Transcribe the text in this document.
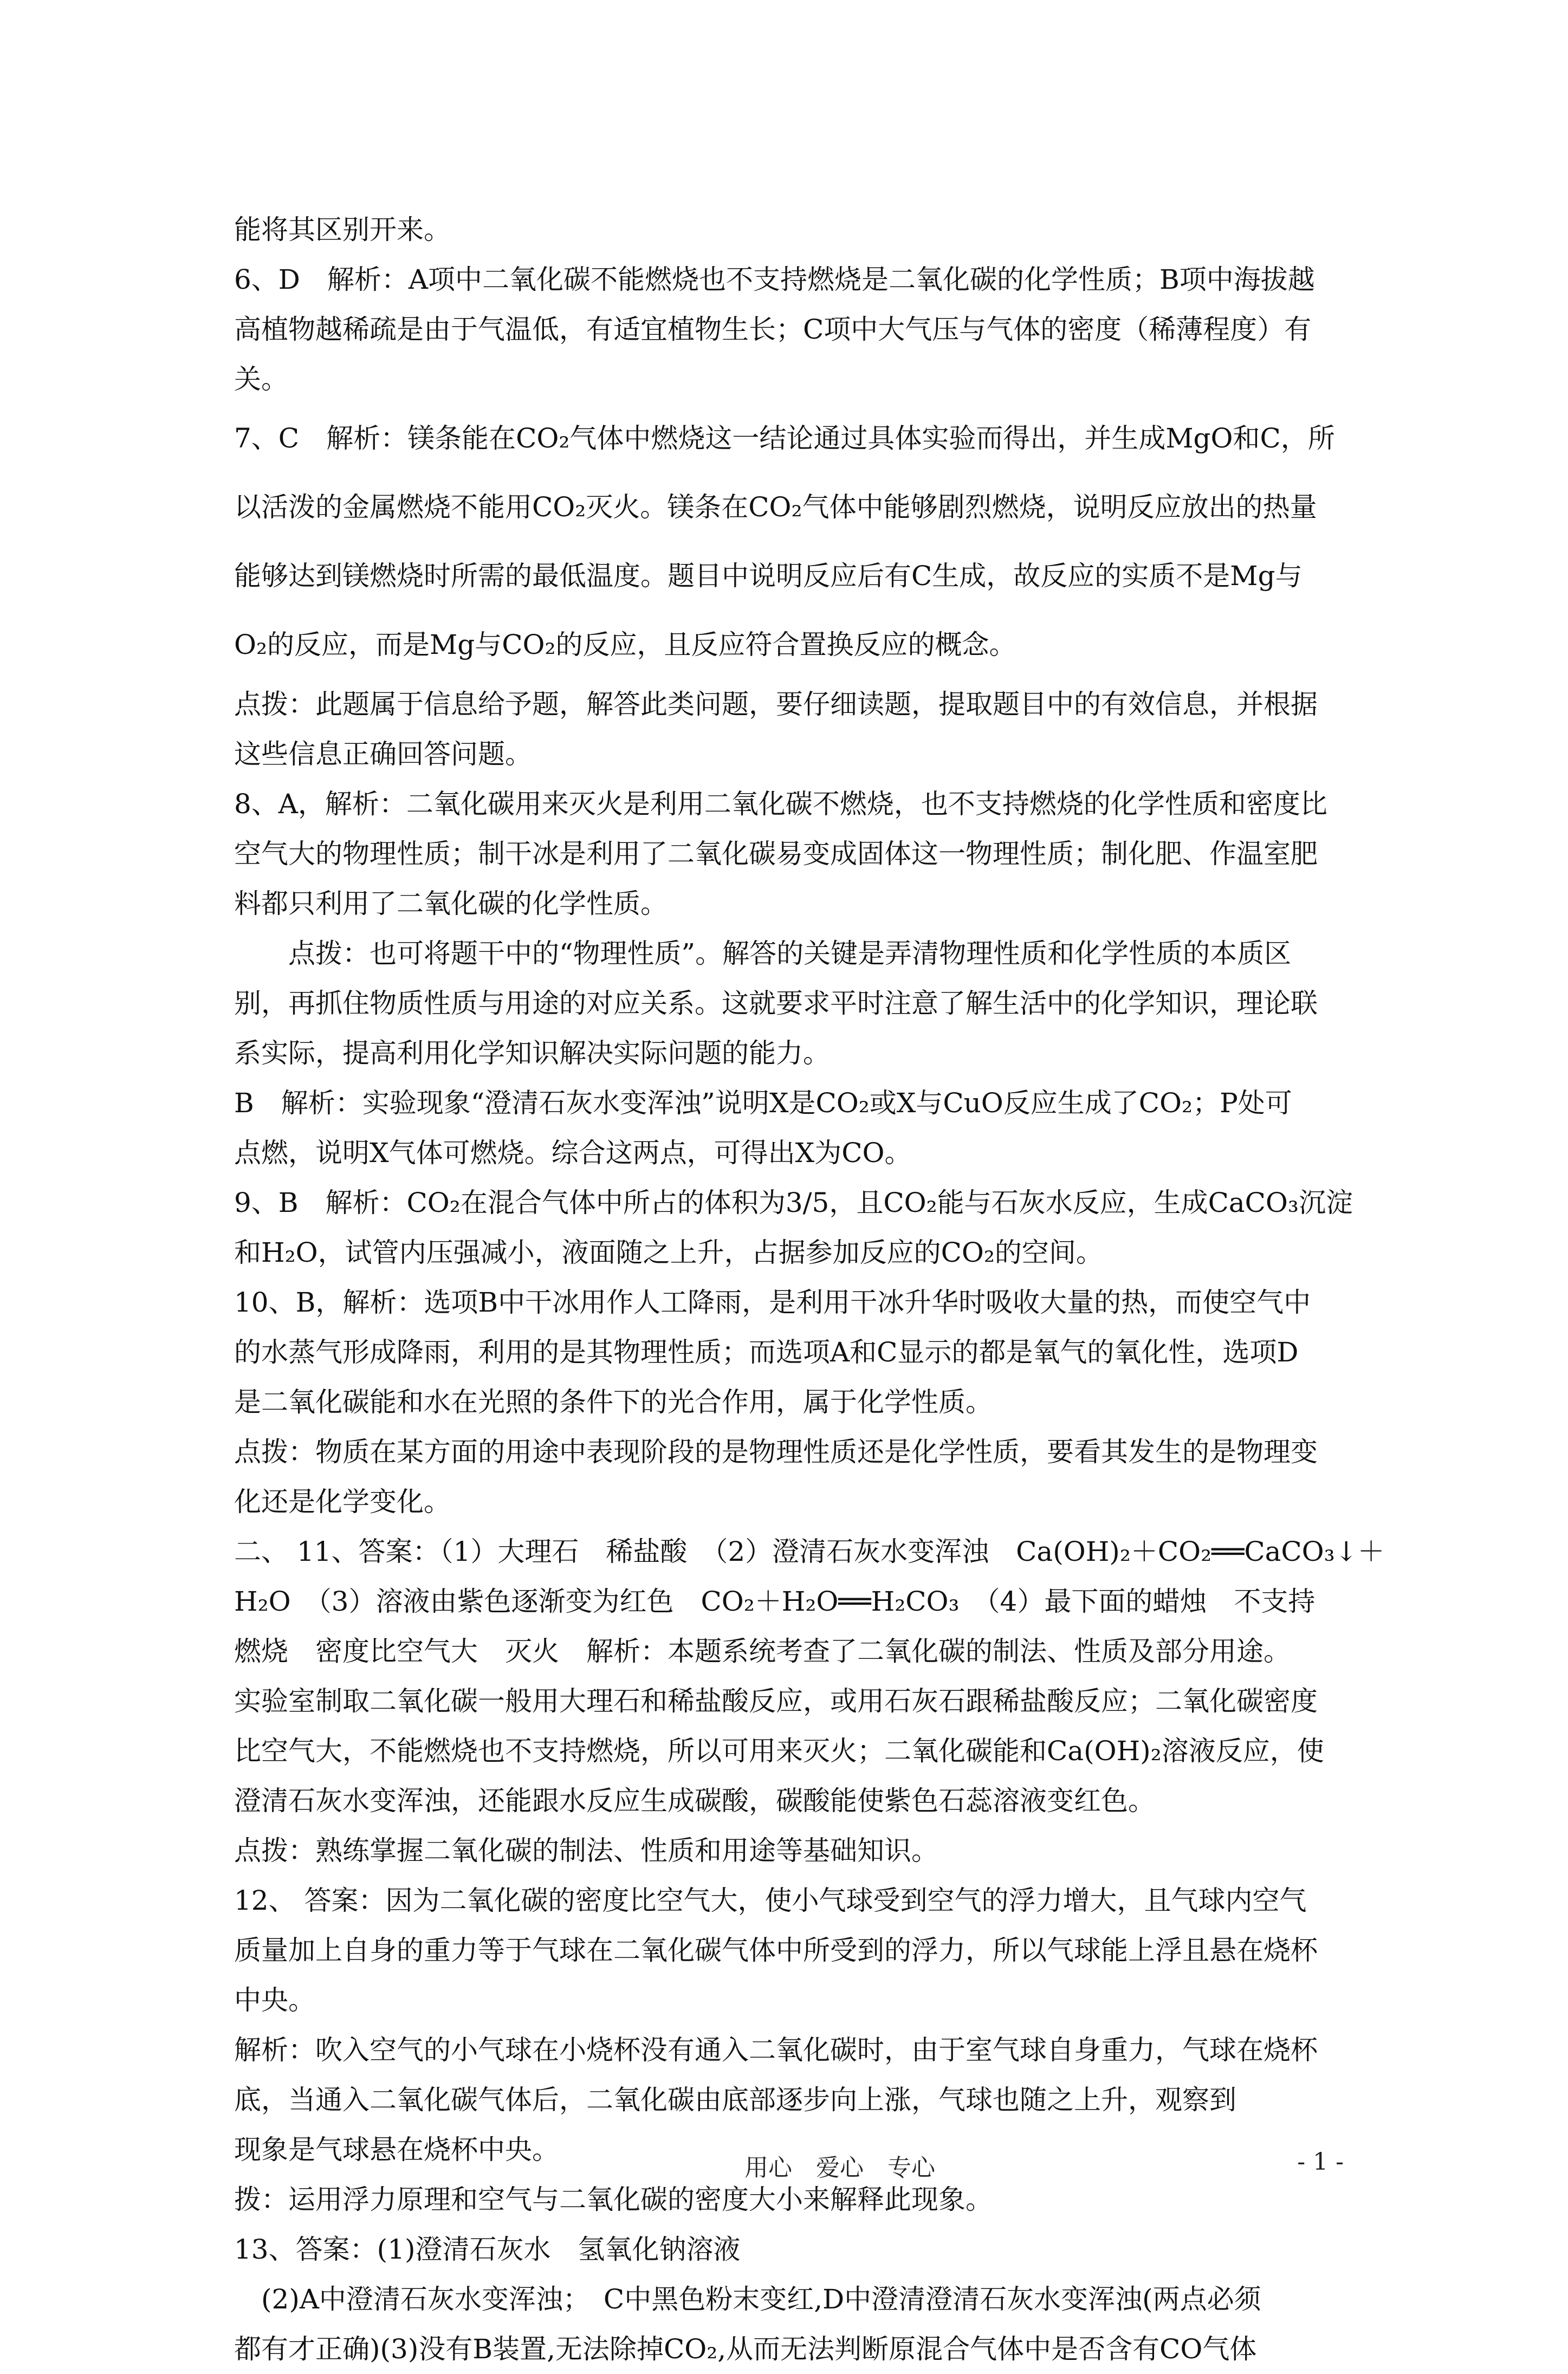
能将其区别开来。
6、D　解析：A项中二氧化碳不能燃烧也不支持燃烧是二氧化碳的化学性质；B项中海拔越
高植物越稀疏是由于气温低，有适宜植物生长；C项中大气压与气体的密度（稀薄程度）有
关。
7、C　解析：镁条能在CO₂气体中燃烧这一结论通过具体实验而得出，并生成MgO和C，所
以活泼的金属燃烧不能用CO₂灭火。镁条在CO₂气体中能够剧烈燃烧，说明反应放出的热量
能够达到镁燃烧时所需的最低温度。题目中说明反应后有C生成，故反应的实质不是Mg与
O₂的反应，而是Mg与CO₂的反应，且反应符合置换反应的概念。
点拨：此题属于信息给予题，解答此类问题，要仔细读题，提取题目中的有效信息，并根据
这些信息正确回答问题。
8、A，解析：二氧化碳用来灭火是利用二氧化碳不燃烧，也不支持燃烧的化学性质和密度比
空气大的物理性质；制干冰是利用了二氧化碳易变成固体这一物理性质；制化肥、作温室肥
料都只利用了二氧化碳的化学性质。
　　点拨：也可将题干中的“物理性质”。解答的关键是弄清物理性质和化学性质的本质区
别，再抓住物质性质与用途的对应关系。这就要求平时注意了解生活中的化学知识，理论联
系实际，提高利用化学知识解决实际问题的能力。
B　解析：实验现象“澄清石灰水变浑浊”说明X是CO₂或X与CuO反应生成了CO₂；P处可
点燃，说明X气体可燃烧。综合这两点，可得出X为CO。
9、B　解析：CO₂在混合气体中所占的体积为3/5，且CO₂能与石灰水反应，生成CaCO₃沉淀
和H₂O，试管内压强减小，液面随之上升，占据参加反应的CO₂的空间。
10、B，解析：选项B中干冰用作人工降雨，是利用干冰升华时吸收大量的热，而使空气中
的水蒸气形成降雨，利用的是其物理性质；而选项A和C显示的都是氧气的氧化性，选项D
是二氧化碳能和水在光照的条件下的光合作用，属于化学性质。
点拨：物质在某方面的用途中表现阶段的是物理性质还是化学性质，要看其发生的是物理变
化还是化学变化。
二、 11、答案：（1）大理石　稀盐酸　（2）澄清石灰水变浑浊　Ca(OH)₂＋CO₂══CaCO₃↓＋
H₂O　（3）溶液由紫色逐渐变为红色　CO₂＋H₂O══H₂CO₃　（4）最下面的蜡烛　不支持
燃烧　密度比空气大　灭火　解析：本题系统考查了二氧化碳的制法、性质及部分用途。
实验室制取二氧化碳一般用大理石和稀盐酸反应，或用石灰石跟稀盐酸反应；二氧化碳密度
比空气大，不能燃烧也不支持燃烧，所以可用来灭火；二氧化碳能和Ca(OH)₂溶液反应，使
澄清石灰水变浑浊，还能跟水反应生成碳酸，碳酸能使紫色石蕊溶液变红色。
点拨：熟练掌握二氧化碳的制法、性质和用途等基础知识。
12、 答案：因为二氧化碳的密度比空气大，使小气球受到空气的浮力增大，且气球内空气
质量加上自身的重力等于气球在二氧化碳气体中所受到的浮力，所以气球能上浮且悬在烧杯
中央。
解析：吹入空气的小气球在小烧杯没有通入二氧化碳时，由于室气球自身重力，气球在烧杯
底，当通入二氧化碳气体后，二氧化碳由底部逐步向上涨，气球也随之上升，观察到
现象是气球悬在烧杯中央。
拨：运用浮力原理和空气与二氧化碳的密度大小来解释此现象。
13、答案：(1)澄清石灰水　氢氧化钠溶液
　(2)A中澄清石灰水变浑浊；　C中黑色粉末变红,D中澄清澄清石灰水变浑浊(两点必须
都有才正确)(3)没有B装置,无法除掉CO₂,从而无法判断原混合气体中是否含有CO气体
用心　爱心　专心	- 1 -
